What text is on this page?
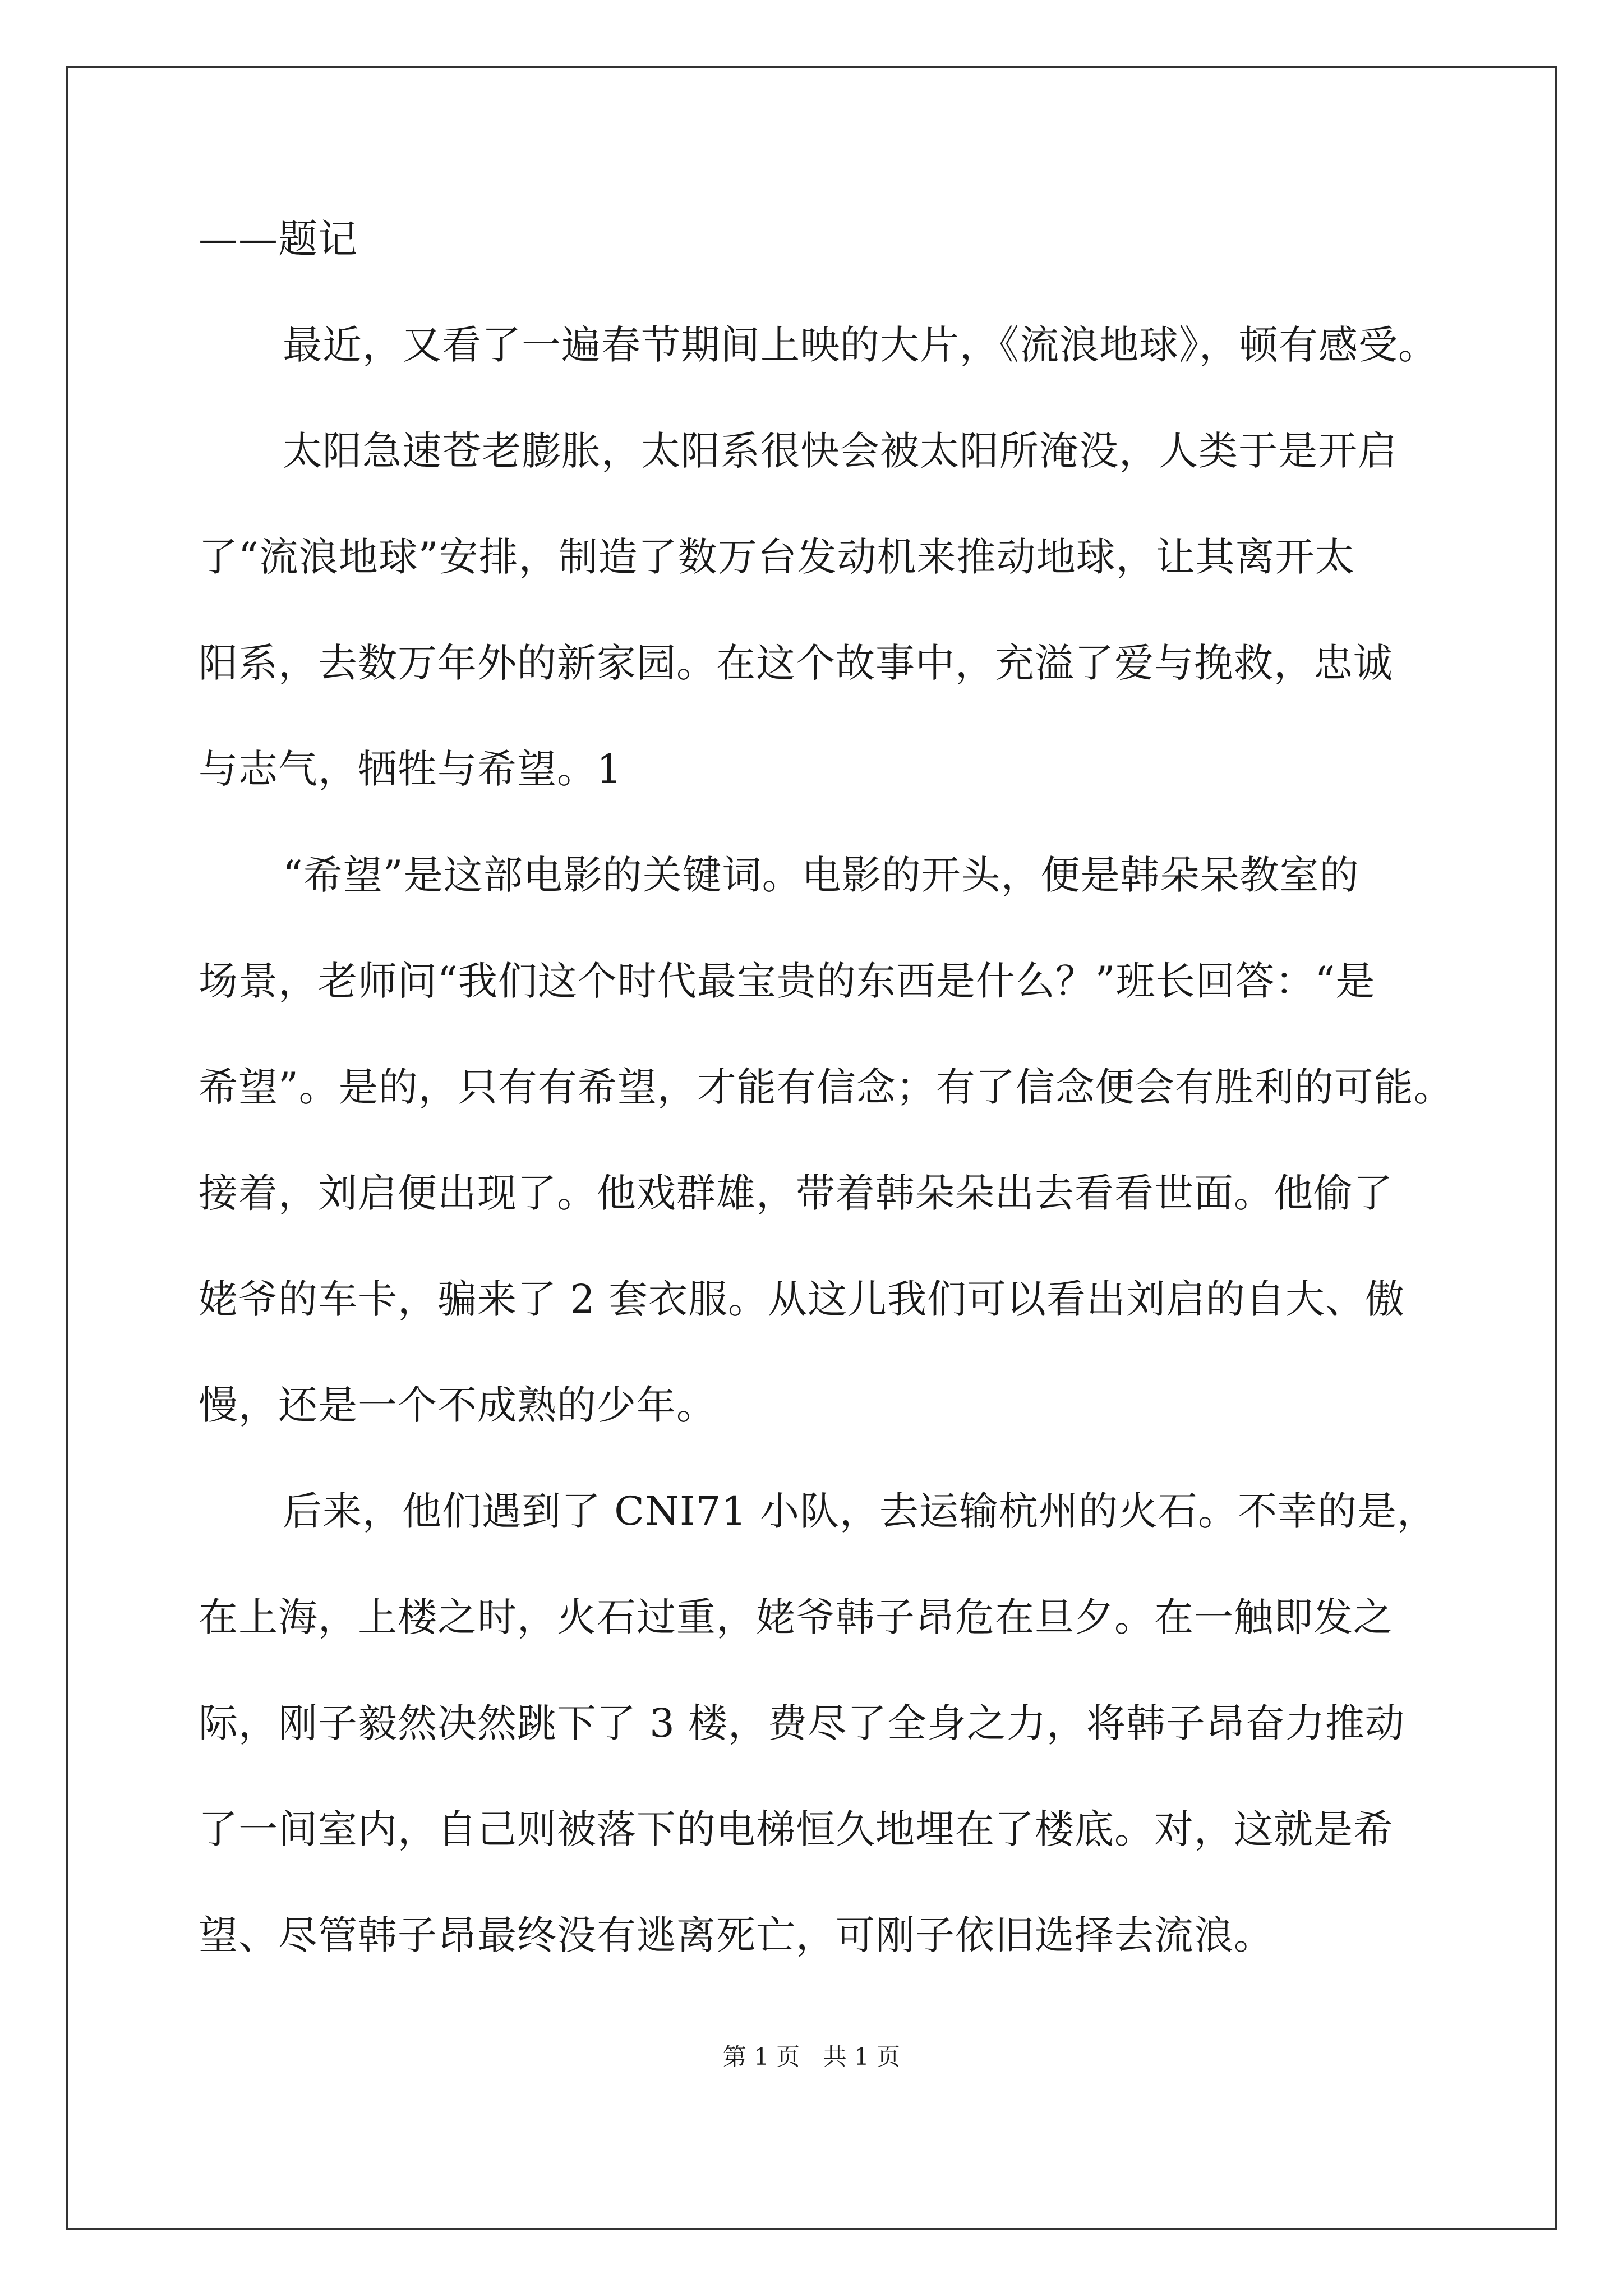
——题记
最近，又看了一遍春节期间上映的大片，《流浪地球》，顿有感受。
太阳急速苍老膨胀，太阳系很快会被太阳所淹没，人类于是开启
了“流浪地球”安排，制造了数万台发动机来推动地球，让其离开太
阳系，去数万年外的新家园。在这个故事中，充溢了爱与挽救，忠诚
与志气，牺牲与希望。1
“希望”是这部电影的关键词。电影的开头，便是韩朵呆教室的
场景，老师问“我们这个时代最宝贵的东西是什么？”班长回答：“是
希望”。是的，只有有希望，才能有信念；有了信念便会有胜利的可能。
接着，刘启便出现了。他戏群雄，带着韩朵朵出去看看世面。他偷了
姥爷的车卡，骗来了 2 套衣服。从这儿我们可以看出刘启的自大、傲
慢，还是一个不成熟的少年。
后来，他们遇到了 CNI71 小队，去运输杭州的火石。不幸的是，
在上海，上楼之时，火石过重，姥爷韩子昂危在旦夕。在一触即发之
际，刚子毅然决然跳下了 3 楼，费尽了全身之力，将韩子昂奋力推动
了一间室内，自己则被落下的电梯恒久地埋在了楼底。对，这就是希
望、尽管韩子昂最终没有逃离死亡，可刚子依旧选择去流浪。
第 1 页 共 1 页
